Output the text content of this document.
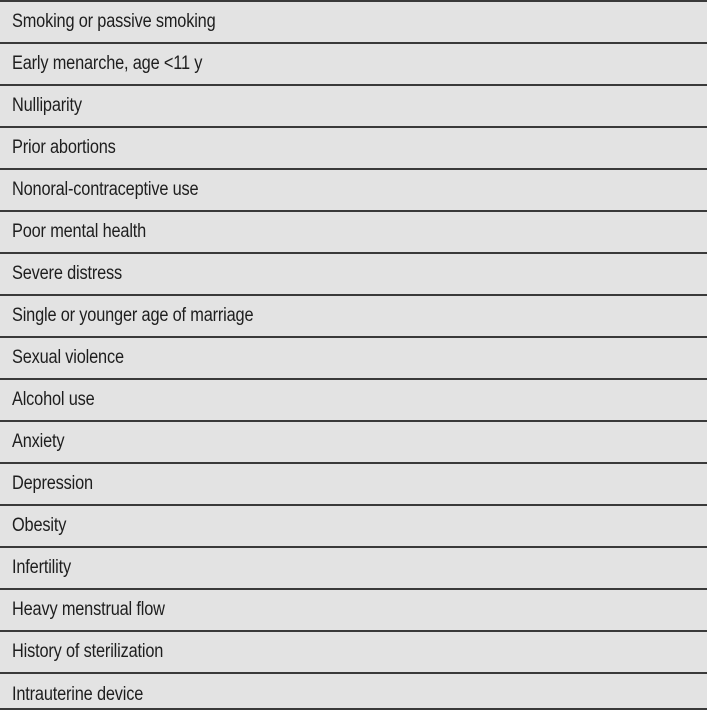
Smoking or passive smoking
Early menarche, age <11 y
Nulliparity
Prior abortions
Nonoral-contraceptive use
Poor mental health
Severe distress
Single or younger age of marriage
Sexual violence
Alcohol use
Anxiety
Depression
Obesity
Infertility
Heavy menstrual flow
History of sterilization
Intrauterine device
